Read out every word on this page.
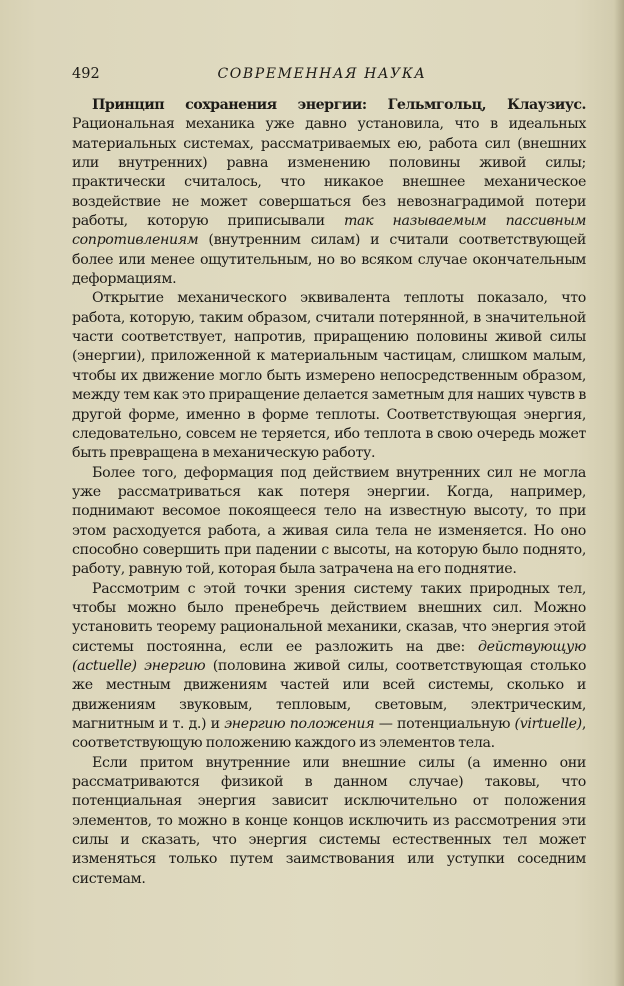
492	СОВРЕМЕННАЯ НАУКА

Принцип сохранения энергии: Гельмгольц, Клаузиус. Рациональная механика уже давно установила, что в идеальных материальных системах, рассматриваемых ею, работа сил (внешних или внутренних) равна изменению половины живой силы; практически считалось, что никакое внешнее механическое воздействие не может совершаться без невознаградимой потери работы, которую приписывали так называемым пассивным сопротивлениям (внутренним силам) и считали соответствующей более или менее ощутительным, но во всяком случае окончательным деформациям.

Открытие механического эквивалента теплоты показало, что работа, которую, таким образом, считали потерянной, в значительной части соответствует, напротив, приращению половины живой силы (энергии), приложенной к материальным частицам, слишком малым, чтобы их движение могло быть измерено непосредственным образом, между тем как это приращение делается заметным для наших чувств в другой форме, именно в форме теплоты. Соответствующая энергия, следовательно, совсем не теряется, ибо теплота в свою очередь может быть превращена в механическую работу.

Более того, деформация под действием внутренних сил не могла уже рассматриваться как потеря энергии. Когда, например, поднимают весомое покоящееся тело на известную высоту, то при этом расходуется работа, а живая сила тела не изменяется. Но оно способно совершить при падении с высоты, на которую было поднято, работу, равную той, которая была затрачена на его поднятие.

Рассмотрим с этой точки зрения систему таких природных тел, чтобы можно было пренебречь действием внешних сил. Можно установить теорему рациональной механики, сказав, что энергия этой системы постоянна, если ее разложить на две: действующую (actuelle) энергию (половина живой силы, соответствующая столько же местным движениям частей или всей системы, сколько и движениям звуковым, тепловым, световым, электрическим, магнитным и т. д.) и энергию положения — потенциальную (virtuelle), соответствующую положению каждого из элементов тела.

Если притом внутренние или внешние силы (а именно они рассматриваются физикой в данном случае) таковы, что потенциальная энергия зависит исключительно от положения элементов, то можно в конце концов исключить из рассмотрения эти силы и сказать, что энергия системы естественных тел может изменяться только путем заимствования или уступки соседним системам.
